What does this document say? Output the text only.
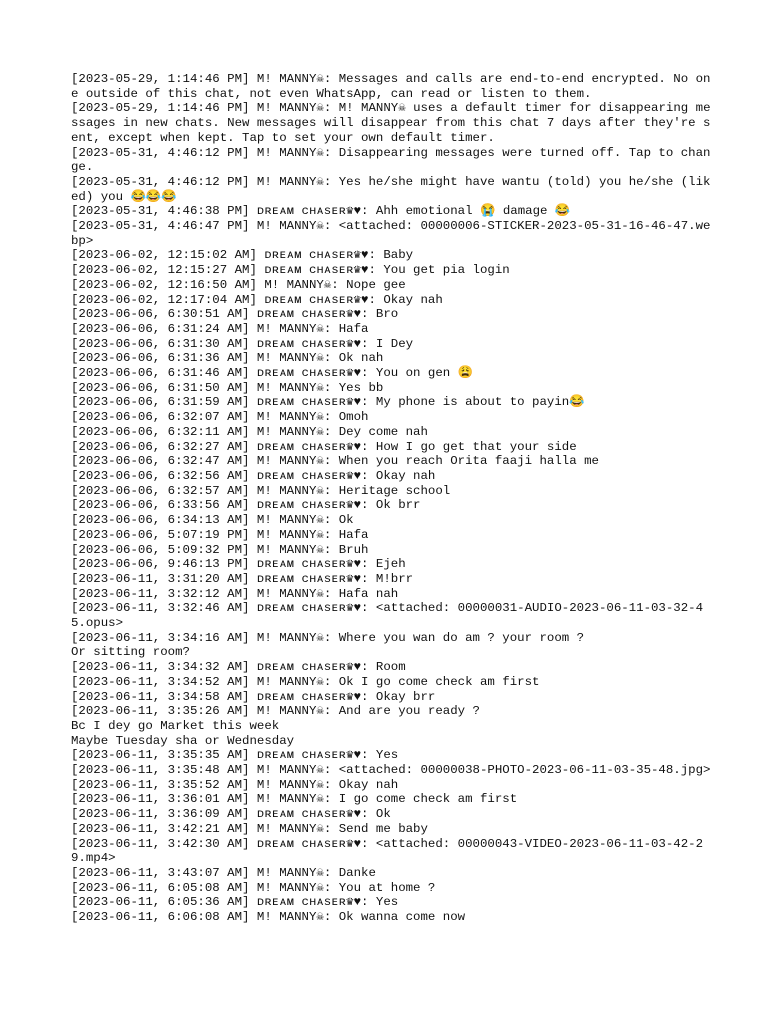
[2023-05-29, 1:14:46 PM] M! MANNY☠: Messages and calls are end-to-end encrypted. No one outside of this chat, not even WhatsApp, can read or listen to them.
[2023-05-29, 1:14:46 PM] M! MANNY☠: M! MANNY☠ uses a default timer for disappearing messages in new chats. New messages will disappear from this chat 7 days after they're sent, except when kept. Tap to set your own default timer.
[2023-05-31, 4:46:12 PM] M! MANNY☠: Disappearing messages were turned off. Tap to change.
[2023-05-31, 4:46:12 PM] M! MANNY☠: Yes he/she might have wantu (told) you he/she (liked) you 😂😂😂
[2023-05-31, 4:46:38 PM] ᴅʀᴇᴀᴍ ᴄʜᴀsᴇʀ♛♥: Ahh emotional 😭 damage 😂
[2023-05-31, 4:46:47 PM] M! MANNY☠: <attached: 00000006-STICKER-2023-05-31-16-46-47.webp>
[2023-06-02, 12:15:02 AM] ᴅʀᴇᴀᴍ ᴄʜᴀsᴇʀ♛♥: Baby
[2023-06-02, 12:15:27 AM] ᴅʀᴇᴀᴍ ᴄʜᴀsᴇʀ♛♥: You get pia login
[2023-06-02, 12:16:50 AM] M! MANNY☠: Nope gee
[2023-06-02, 12:17:04 AM] ᴅʀᴇᴀᴍ ᴄʜᴀsᴇʀ♛♥: Okay nah
[2023-06-06, 6:30:51 AM] ᴅʀᴇᴀᴍ ᴄʜᴀsᴇʀ♛♥: Bro
[2023-06-06, 6:31:24 AM] M! MANNY☠: Hafa
[2023-06-06, 6:31:30 AM] ᴅʀᴇᴀᴍ ᴄʜᴀsᴇʀ♛♥: I Dey
[2023-06-06, 6:31:36 AM] M! MANNY☠: Ok nah
[2023-06-06, 6:31:46 AM] ᴅʀᴇᴀᴍ ᴄʜᴀsᴇʀ♛♥: You on gen 😩
[2023-06-06, 6:31:50 AM] M! MANNY☠: Yes bb
[2023-06-06, 6:31:59 AM] ᴅʀᴇᴀᴍ ᴄʜᴀsᴇʀ♛♥: My phone is about to payin😂
[2023-06-06, 6:32:07 AM] M! MANNY☠: Omoh
[2023-06-06, 6:32:11 AM] M! MANNY☠: Dey come nah
[2023-06-06, 6:32:27 AM] ᴅʀᴇᴀᴍ ᴄʜᴀsᴇʀ♛♥: How I go get that your side
[2023-06-06, 6:32:47 AM] M! MANNY☠: When you reach Orita faaji halla me
[2023-06-06, 6:32:56 AM] ᴅʀᴇᴀᴍ ᴄʜᴀsᴇʀ♛♥: Okay nah
[2023-06-06, 6:32:57 AM] M! MANNY☠: Heritage school
[2023-06-06, 6:33:56 AM] ᴅʀᴇᴀᴍ ᴄʜᴀsᴇʀ♛♥: Ok brr
[2023-06-06, 6:34:13 AM] M! MANNY☠: Ok
[2023-06-06, 5:07:19 PM] M! MANNY☠: Hafa
[2023-06-06, 5:09:32 PM] M! MANNY☠: Bruh
[2023-06-06, 9:46:13 PM] ᴅʀᴇᴀᴍ ᴄʜᴀsᴇʀ♛♥: Ejeh
[2023-06-11, 3:31:20 AM] ᴅʀᴇᴀᴍ ᴄʜᴀsᴇʀ♛♥: M!brr
[2023-06-11, 3:32:12 AM] M! MANNY☠: Hafa nah
[2023-06-11, 3:32:46 AM] ᴅʀᴇᴀᴍ ᴄʜᴀsᴇʀ♛♥: <attached: 00000031-AUDIO-2023-06-11-03-32-45.opus>
[2023-06-11, 3:34:16 AM] M! MANNY☠: Where you wan do am ? your room ?
Or sitting room?
[2023-06-11, 3:34:32 AM] ᴅʀᴇᴀᴍ ᴄʜᴀsᴇʀ♛♥: Room
[2023-06-11, 3:34:52 AM] M! MANNY☠: Ok I go come check am first
[2023-06-11, 3:34:58 AM] ᴅʀᴇᴀᴍ ᴄʜᴀsᴇʀ♛♥: Okay brr
[2023-06-11, 3:35:26 AM] M! MANNY☠: And are you ready ?
Bc I dey go Market this week
Maybe Tuesday sha or Wednesday
[2023-06-11, 3:35:35 AM] ᴅʀᴇᴀᴍ ᴄʜᴀsᴇʀ♛♥: Yes
[2023-06-11, 3:35:48 AM] M! MANNY☠: <attached: 00000038-PHOTO-2023-06-11-03-35-48.jpg>
[2023-06-11, 3:35:52 AM] M! MANNY☠: Okay nah
[2023-06-11, 3:36:01 AM] M! MANNY☠: I go come check am first
[2023-06-11, 3:36:09 AM] ᴅʀᴇᴀᴍ ᴄʜᴀsᴇʀ♛♥: Ok
[2023-06-11, 3:42:21 AM] M! MANNY☠: Send me baby
[2023-06-11, 3:42:30 AM] ᴅʀᴇᴀᴍ ᴄʜᴀsᴇʀ♛♥: <attached: 00000043-VIDEO-2023-06-11-03-42-29.mp4>
[2023-06-11, 3:43:07 AM] M! MANNY☠: Danke
[2023-06-11, 6:05:08 AM] M! MANNY☠: You at home ?
[2023-06-11, 6:05:36 AM] ᴅʀᴇᴀᴍ ᴄʜᴀsᴇʀ♛♥: Yes
[2023-06-11, 6:06:08 AM] M! MANNY☠: Ok wanna come now
